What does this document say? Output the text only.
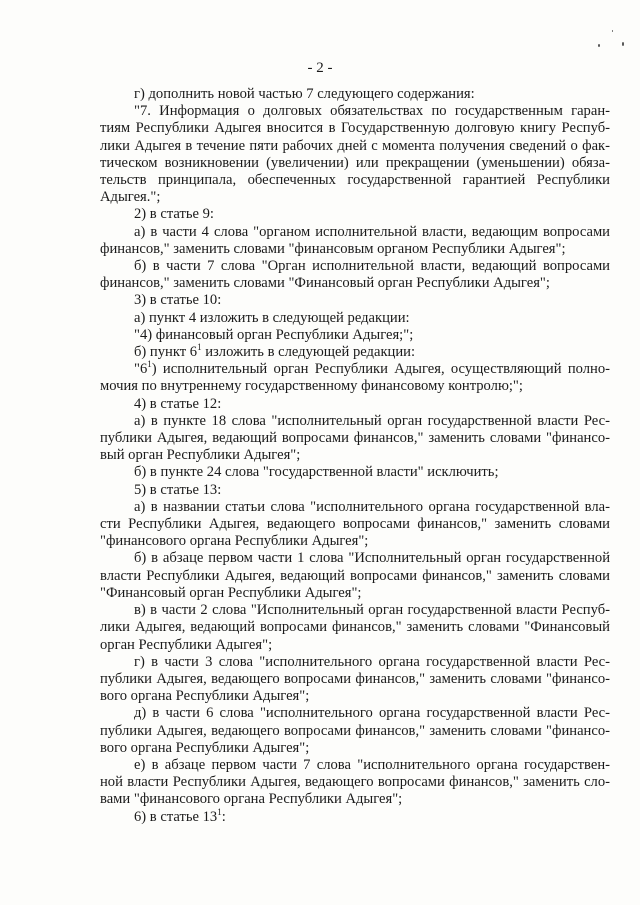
- 2 -
г) дополнить новой частью 7 следующего содержания:
"7. Информация о долговых обязательствах по государственным гаран-
тиям Республики Адыгея вносится в Государственную долговую книгу Респуб-
лики Адыгея в течение пяти рабочих дней с момента получения сведений о фак-
тическом возникновении (увеличении) или прекращении (уменьшении) обяза-
тельств принципала, обеспеченных государственной гарантией Республики
Адыгея.";
2) в статье 9:
а) в части 4 слова "органом исполнительной власти, ведающим вопросами
финансов," заменить словами "финансовым органом Республики Адыгея";
б) в части 7 слова "Орган исполнительной власти, ведающий вопросами
финансов," заменить словами "Финансовый орган Республики Адыгея";
3) в статье 10:
а) пункт 4 изложить в следующей редакции:
"4) финансовый орган Республики Адыгея;";
б) пункт $6^1$ изложить в следующей редакции:
"$6^1$) исполнительный орган Республики Адыгея, осуществляющий полно-
мочия по внутреннему государственному финансовому контролю;";
4) в статье 12:
а) в пункте 18 слова "исполнительный орган государственной власти Рес-
публики Адыгея, ведающий вопросами финансов," заменить словами "финансо-
вый орган Республики Адыгея";
б) в пункте 24 слова "государственной власти" исключить;
5) в статье 13:
а) в названии статьи слова "исполнительного органа государственной вла-
сти Республики Адыгея, ведающего вопросами финансов," заменить словами
"финансового органа Республики Адыгея";
б) в абзаце первом части 1 слова "Исполнительный орган государственной
власти Республики Адыгея, ведающий вопросами финансов," заменить словами
"Финансовый орган Республики Адыгея";
в) в части 2 слова "Исполнительный орган государственной власти Респуб-
лики Адыгея, ведающий вопросами финансов," заменить словами "Финансовый
орган Республики Адыгея";
г) в части 3 слова "исполнительного органа государственной власти Рес-
публики Адыгея, ведающего вопросами финансов," заменить словами "финансо-
вого органа Республики Адыгея";
д) в части 6 слова "исполнительного органа государственной власти Рес-
публики Адыгея, ведающего вопросами финансов," заменить словами "финансо-
вого органа Республики Адыгея";
е) в абзаце первом части 7 слова "исполнительного органа государствен-
ной власти Республики Адыгея, ведающего вопросами финансов," заменить сло-
вами "финансового органа Республики Адыгея";
6) в статье $13^1$:
